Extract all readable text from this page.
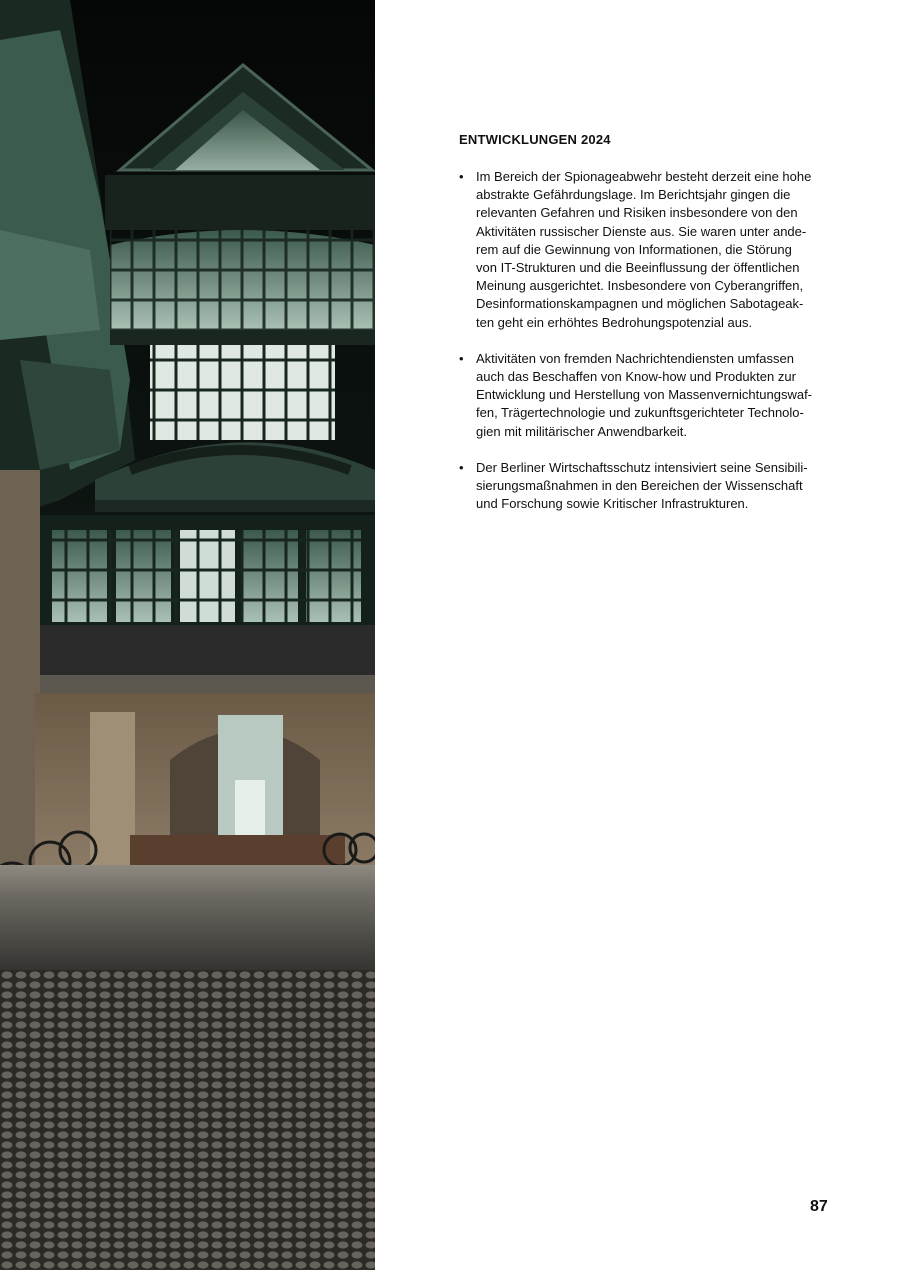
ENTWICKLUNGEN 2024
• Im Bereich der Spionageabwehr besteht derzeit eine hohe
abstrakte Gefährdungslage. Im Berichtsjahr gingen die
relevanten Gefahren und Risiken insbesondere von den
Aktivitäten russischer Dienste aus. Sie waren unter ande-
rem auf die Gewinnung von Informationen, die Störung
von IT-Strukturen und die Beeinflussung der öffentlichen
Meinung ausgerichtet. Insbesondere von Cyberangriffen,
Desinformationskampagnen und möglichen Sabotageak-
ten geht ein erhöhtes Bedrohungspotenzial aus.
• Aktivitäten von fremden Nachrichtendiensten umfassen
auch das Beschaffen von Know-how und Produkten zur
Entwicklung und Herstellung von Massenvernichtungswaf-
fen, Trägertechnologie und zukunftsgerichteter Technolo-
gien mit militärischer Anwendbarkeit.
• Der Berliner Wirtschaftsschutz intensiviert seine Sensibili-
sierungsmaßnahmen in den Bereichen der Wissenschaft
und Forschung sowie Kritischer Infrastrukturen.
87
